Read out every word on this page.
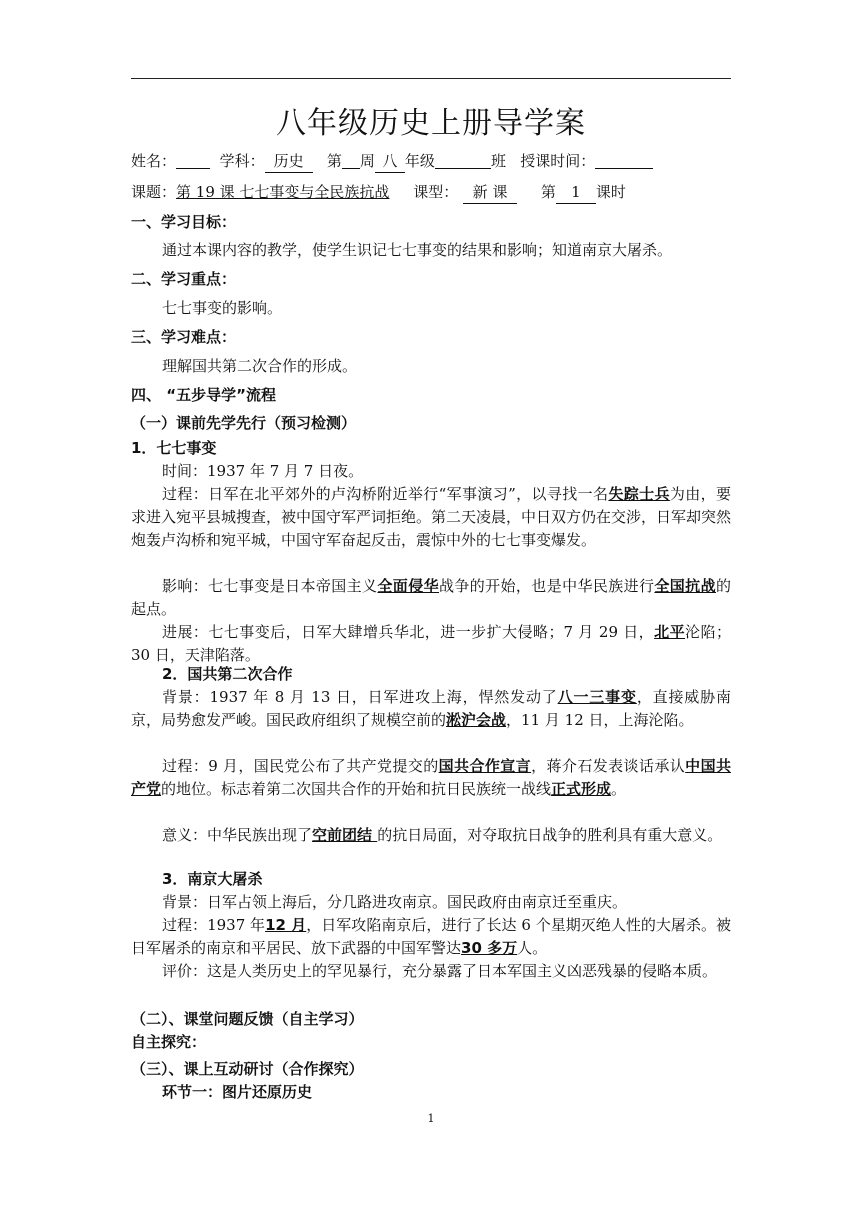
八年级历史上册导学案
姓名：	学科： 历史 第 周 八 年级	班 授课时间：
课题：第 19 课 七七事变与全民族抗战 课型： 新 课 第 1 课时
一、学习目标：
通过本课内容的教学，使学生识记七七事变的结果和影响；知道南京大屠杀。
二、学习重点：
七七事变的影响。
三、学习难点：
理解国共第二次合作的形成。
四、 “五步导学”流程
（一）课前先学先行（预习检测）
1．七七事变
时间：1937 年 7 月 7 日夜。
过程：日军在北平郊外的卢沟桥附近举行“军事演习”，以寻找一名失踪士兵为由，要求进入宛平县城搜查，被中国守军严词拒绝。第二天凌晨，中日双方仍在交涉，日军却突然炮轰卢沟桥和宛平城，中国守军奋起反击，震惊中外的七七事变爆发。
影响：七七事变是日本帝国主义全面侵华战争的开始，也是中华民族进行全国抗战的起点。
进展：七七事变后，日军大肆增兵华北，进一步扩大侵略；7 月 29 日，北平沦陷；30 日，天津陷落。
2．国共第二次合作
背景：1937 年 8 月 13 日，日军进攻上海，悍然发动了八一三事变，直接威胁南京，局势愈发严峻。国民政府组织了规模空前的淞沪会战，11 月 12 日，上海沦陷。
过程：9 月，国民党公布了共产党提交的国共合作宣言，蒋介石发表谈话承认中国共产党的地位。标志着第二次国共合作的开始和抗日民族统一战线正式形成。
意义：中华民族出现了空前团结 的抗日局面，对夺取抗日战争的胜利具有重大意义。
3．南京大屠杀
背景：日军占领上海后，分几路进攻南京。国民政府由南京迁至重庆。
过程：1937 年12 月，日军攻陷南京后，进行了长达 6 个星期灭绝人性的大屠杀。被日军屠杀的南京和平居民、放下武器的中国军警达30 多万人。
评价：这是人类历史上的罕见暴行，充分暴露了日本军国主义凶恶残暴的侵略本质。
（二）、课堂问题反馈（自主学习）
自主探究：
（三）、课上互动研讨（合作探究）
环节一：图片还原历史
1
